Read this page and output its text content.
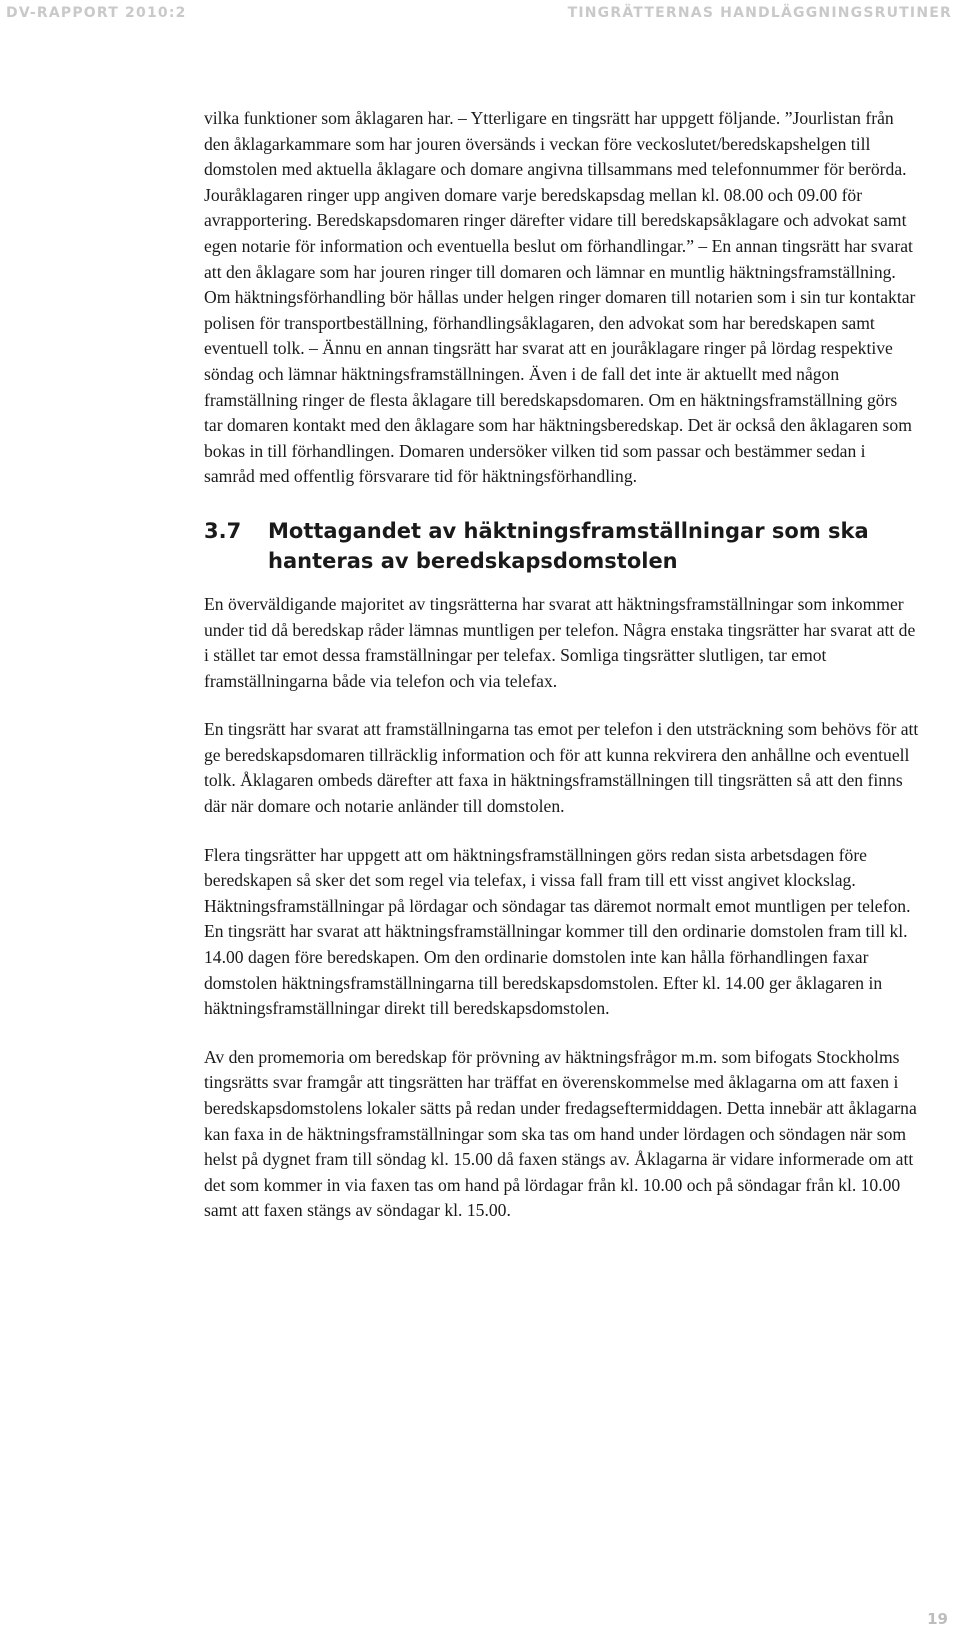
DV-RAPPORT 2010:2	TINGRÄTTERNAS HANDLÄGGNINGSRUTINER

vilka funktioner som åklagaren har. – Ytterligare en tingsrätt har uppgett följande. ”Jourlistan från den åklagarkammare som har jouren översänds i veckan före veckoslutet/beredskapshelgen till domstolen med aktuella åklagare och domare angivna tillsammans med telefonnummer för berörda. Jouråklagaren ringer upp angiven domare varje beredskapsdag mellan kl. 08.00 och 09.00 för avrapportering. Beredskapsdomaren ringer därefter vidare till beredskapsåklagare och advokat samt egen notarie för information och eventuella beslut om förhandlingar.” – En annan tingsrätt har svarat att den åklagare som har jouren ringer till domaren och lämnar en muntlig häktningsframställning. Om häktningsförhandling bör hållas under helgen ringer domaren till notarien som i sin tur kontaktar polisen för transportbeställning, förhandlingsåklagaren, den advokat som har beredskapen samt eventuell tolk. – Ännu en annan tingsrätt har svarat att en jouråklagare ringer på lördag respektive söndag och lämnar häktningsframställningen. Även i de fall det inte är aktuellt med någon framställning ringer de flesta åklagare till beredskapsdomaren. Om en häktningsframställning görs tar domaren kontakt med den åklagare som har häktningsberedskap. Det är också den åklagaren som bokas in till förhandlingen. Domaren undersöker vilken tid som passar och bestämmer sedan i samråd med offentlig försvarare tid för häktningsförhandling.

3.7	Mottagandet av häktningsframställningar som ska hanteras av beredskapsdomstolen

En överväldigande majoritet av tingsrätterna har svarat att häktningsframställningar som inkommer under tid då beredskap råder lämnas muntligen per telefon. Några enstaka tingsrätter har svarat att de i stället tar emot dessa framställningar per telefax. Somliga tingsrätter slutligen, tar emot framställningarna både via telefon och via telefax.

En tingsrätt har svarat att framställningarna tas emot per telefon i den utsträckning som behövs för att ge beredskapsdomaren tillräcklig information och för att kunna rekvirera den anhållne och eventuell tolk. Åklagaren ombeds därefter att faxa in häktningsframställningen till tingsrätten så att den finns där när domare och notarie anländer till domstolen.

Flera tingsrätter har uppgett att om häktningsframställningen görs redan sista arbetsdagen före beredskapen så sker det som regel via telefax, i vissa fall fram till ett visst angivet klockslag. Häktningsframställningar på lördagar och söndagar tas däremot normalt emot muntligen per telefon. En tingsrätt har svarat att häktningsframställningar kommer till den ordinarie domstolen fram till kl. 14.00 dagen före beredskapen. Om den ordinarie domstolen inte kan hålla förhandlingen faxar domstolen häktningsframställningarna till beredskapsdomstolen. Efter kl. 14.00 ger åklagaren in häktningsframställningar direkt till beredskapsdomstolen.

Av den promemoria om beredskap för prövning av häktningsfrågor m.m. som bifogats Stockholms tingsrätts svar framgår att tingsrätten har träffat en överenskommelse med åklagarna om att faxen i beredskapsdomstolens lokaler sätts på redan under fredagseftermiddagen. Detta innebär att åklagarna kan faxa in de häktningsframställningar som ska tas om hand under lördagen och söndagen när som helst på dygnet fram till söndag kl. 15.00 då faxen stängs av. Åklagarna är vidare informerade om att det som kommer in via faxen tas om hand på lördagar från kl. 10.00 och på söndagar från kl. 10.00 samt att faxen stängs av söndagar kl. 15.00.

19
